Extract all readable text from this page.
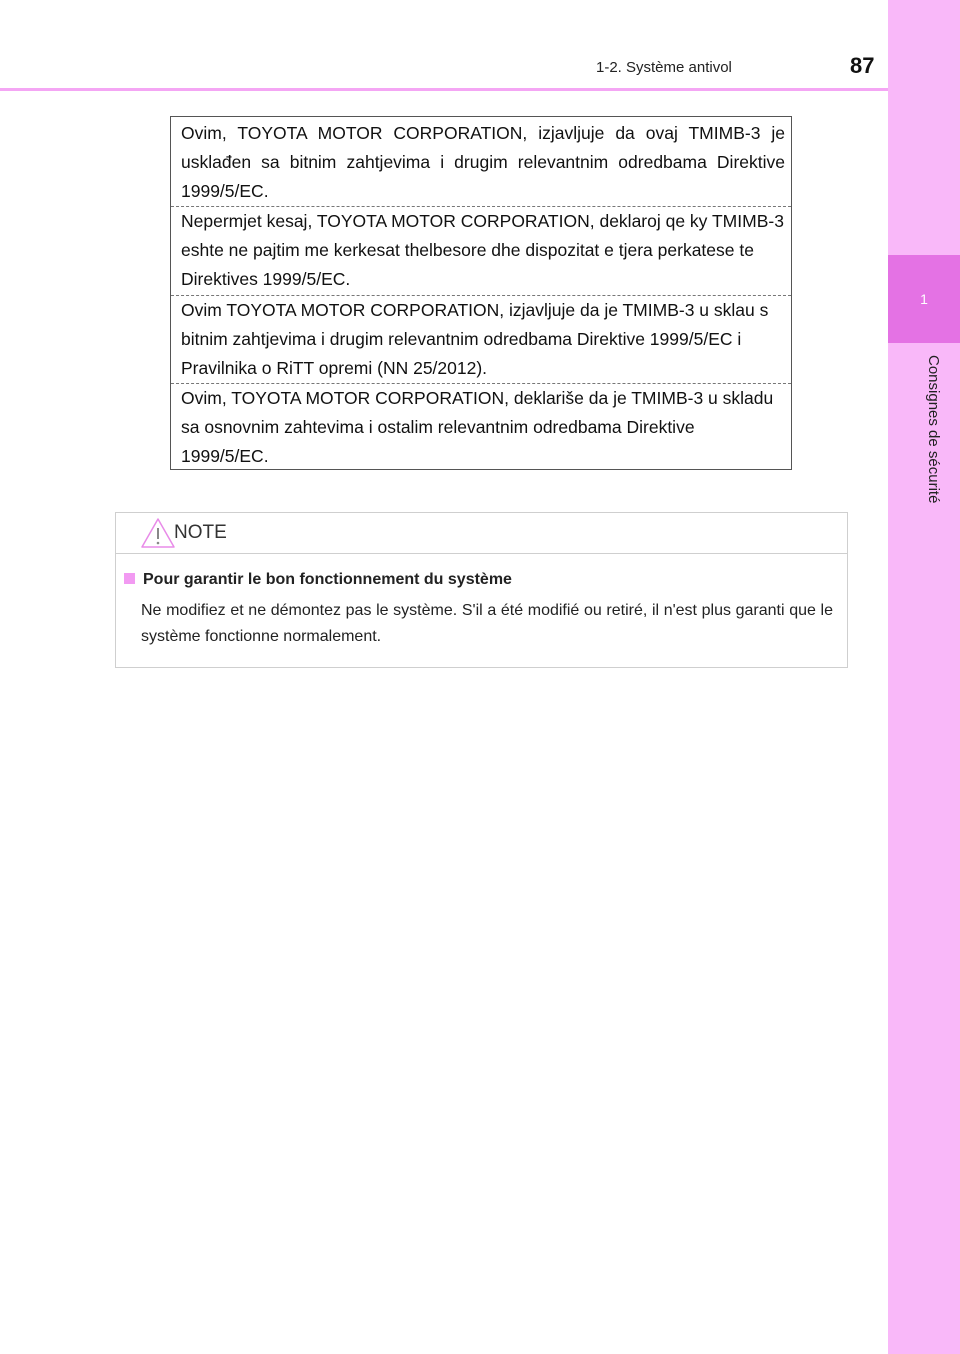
1-2. Système antivol	87
1
Consignes de sécurité
Ovim, TOYOTA MOTOR CORPORATION, izjavljuje da ovaj TMIMB-3 je usklađen sa bitnim zahtjevima i drugim relevantnim odredbama Direktive 1999/5/EC.
Nepermjet kesaj, TOYOTA MOTOR CORPORATION, deklaroj qe ky TMIMB-3 eshte ne pajtim me kerkesat thelbesore dhe dispozitat e tjera perkatese te Direktives 1999/5/EC.
Ovim TOYOTA MOTOR CORPORATION, izjavljuje da je TMIMB-3 u sklau s bitnim zahtjevima i drugim relevantnim odredbama Direktive 1999/5/EC i Pravilnika o RiTT opremi (NN 25/2012).
Ovim, TOYOTA MOTOR CORPORATION, deklariše da je TMIMB-3 u skladu sa osnovnim zahtevima i ostalim relevantnim odredbama Direktive 1999/5/EC.
NOTE
Pour garantir le bon fonctionnement du système
Ne modifiez et ne démontez pas le système. S'il a été modifié ou retiré, il n'est plus garanti que le système fonctionne normalement.
